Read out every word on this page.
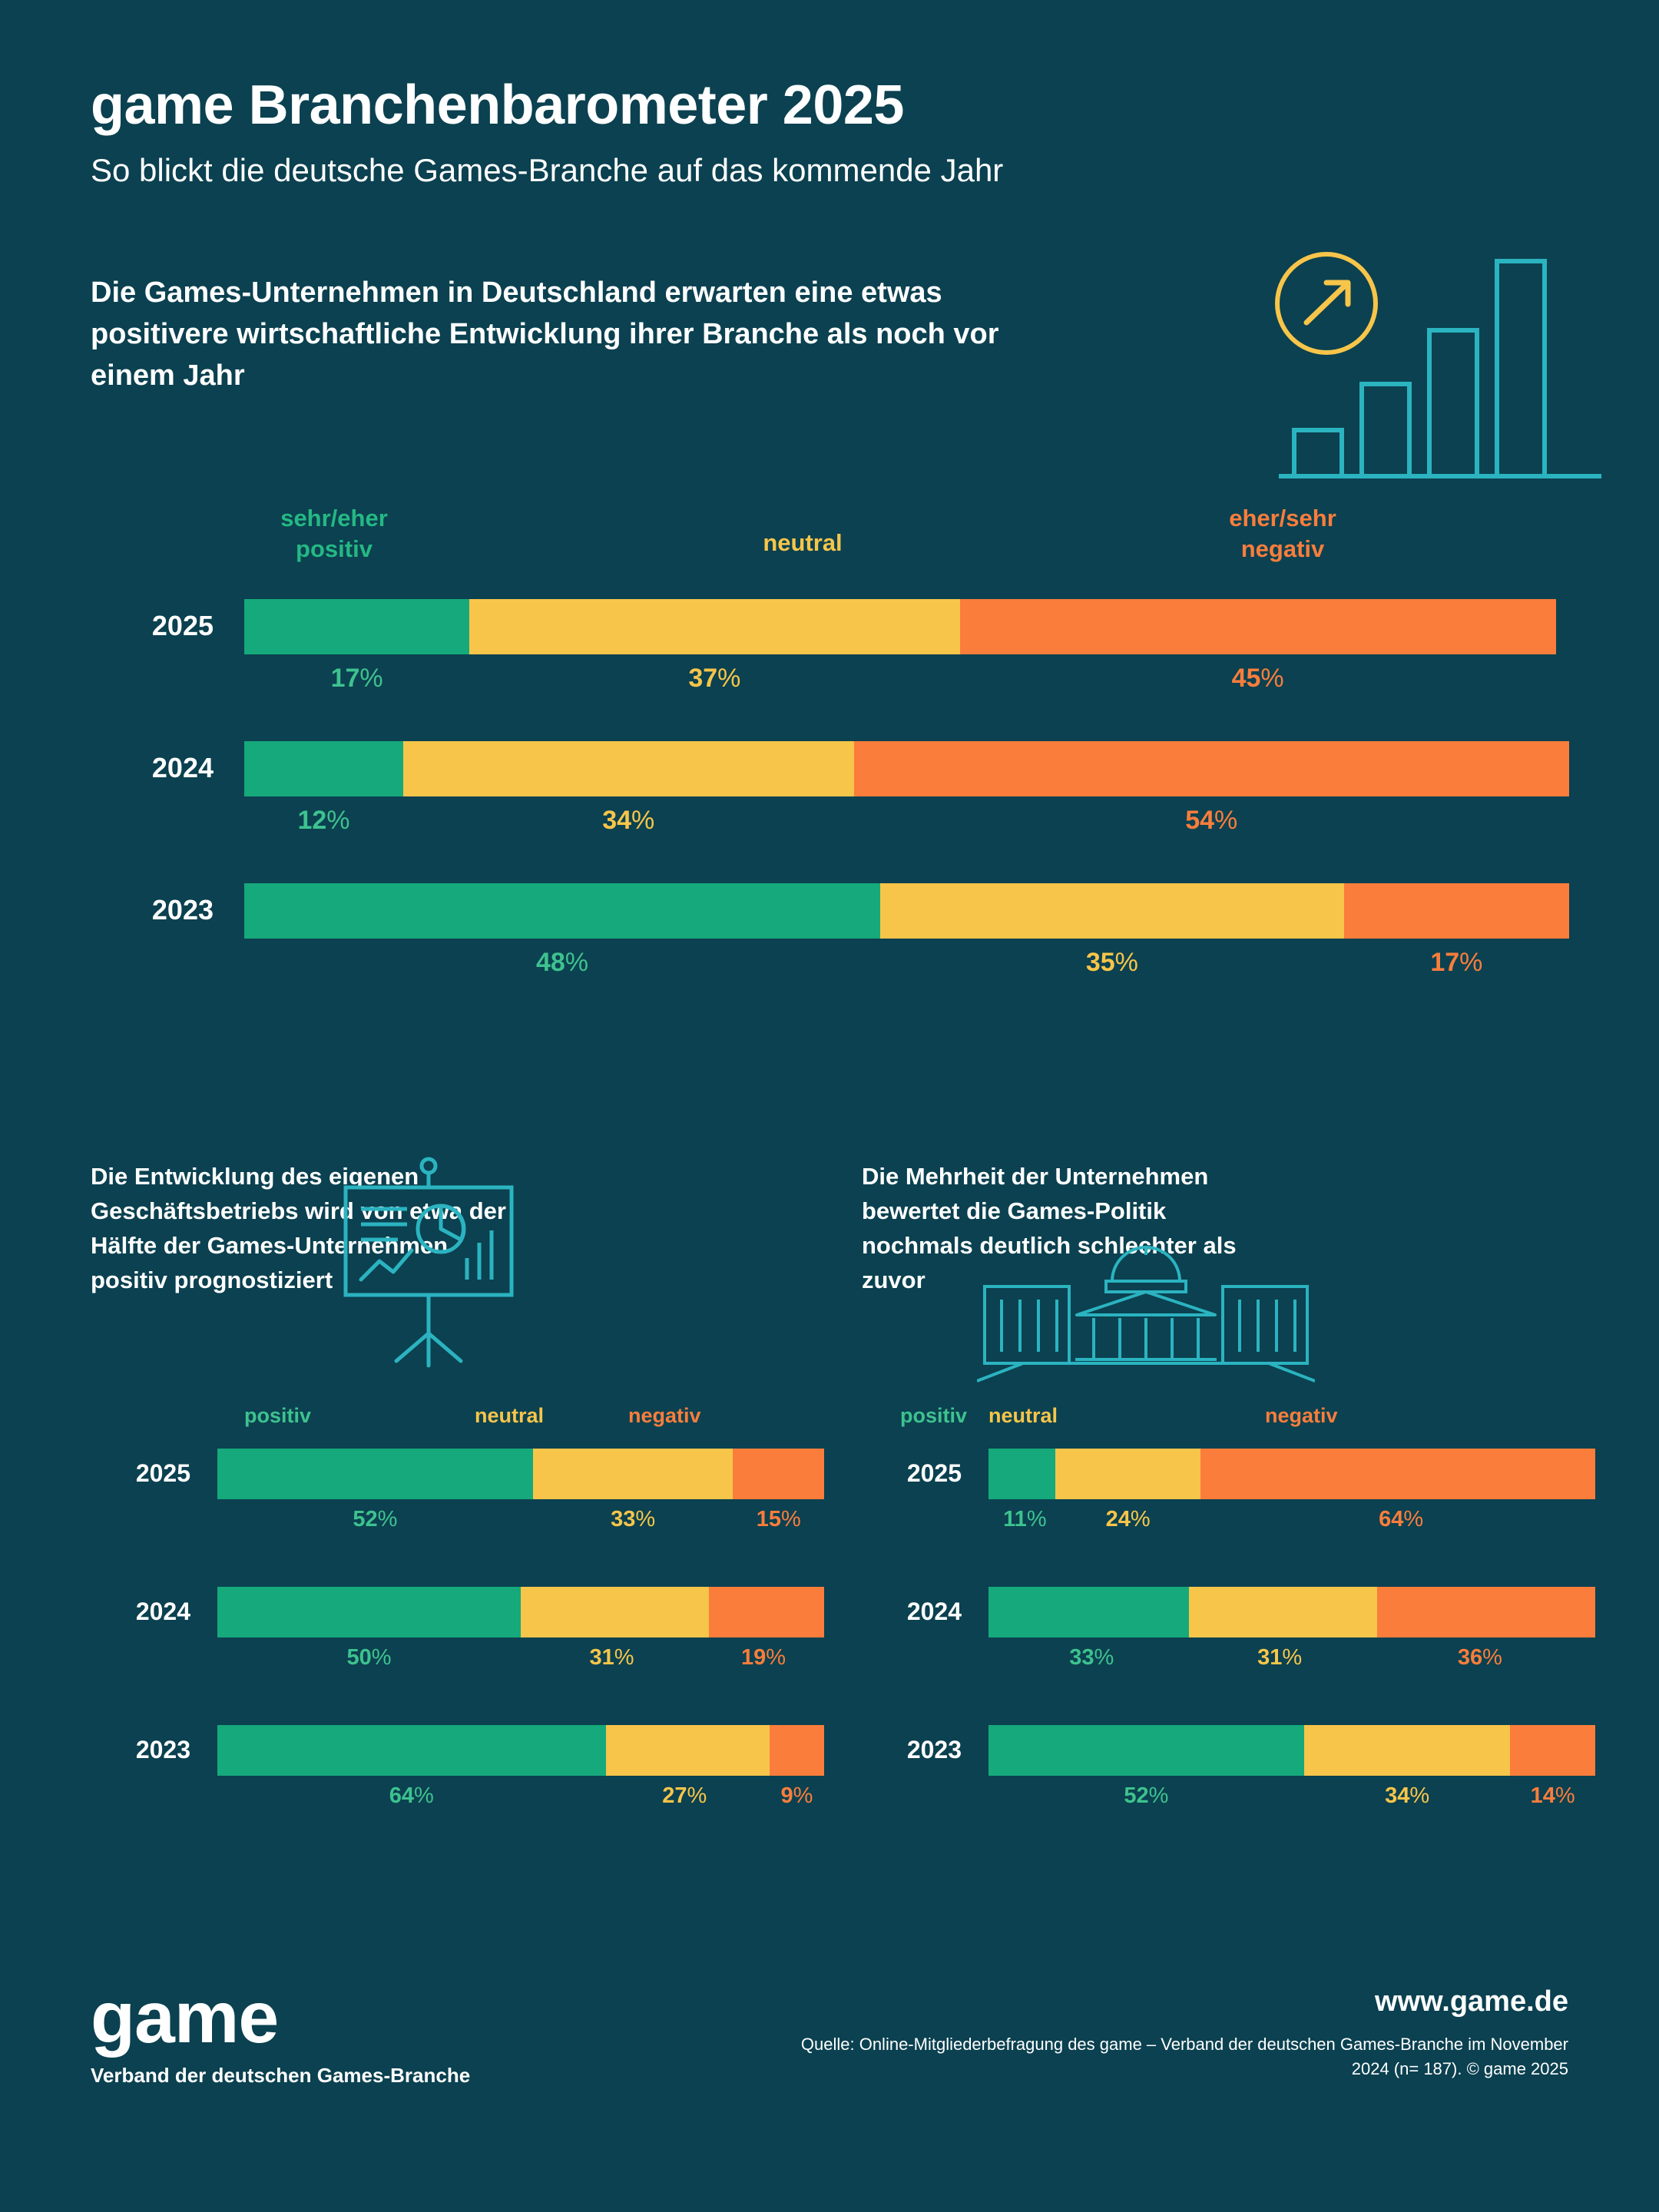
game Branchenbarometer 2025
So blickt die deutsche Games-Branche auf das kommende Jahr
Die Games-Unternehmen in Deutschland erwarten eine etwas positivere wirtschaftliche Entwicklung ihrer Branche als noch vor einem Jahr
sehr/eher positiv	neutral
eher/sehr negativ
2025
17%	37%	45%
2024
12%	34%	54%
2023
48%	35%	17%
Die Entwicklung des eigenen Geschäftsbetriebs wird von etwa der Hälfte der Games-Unternehmen positiv prognostiziert
positiv	neutral	negativ
2025
52%	33%	15%
2024
50%	31%	19%
2023
64%	27%	9%
Die Mehrheit der Unternehmen bewertet die Games-Politik nochmals deutlich schlechter als zuvor
positiv neutral	negativ
2025
11%	24%	64%
2024
33%	31%	36%
2023
52%	34%	14%
game
Verband der deutschen Games-Branche
www.game.de
Quelle: Online-Mitgliederbefragung des game – Verband der deutschen Games-Branche im November 2024 (n= 187). © game 2025
